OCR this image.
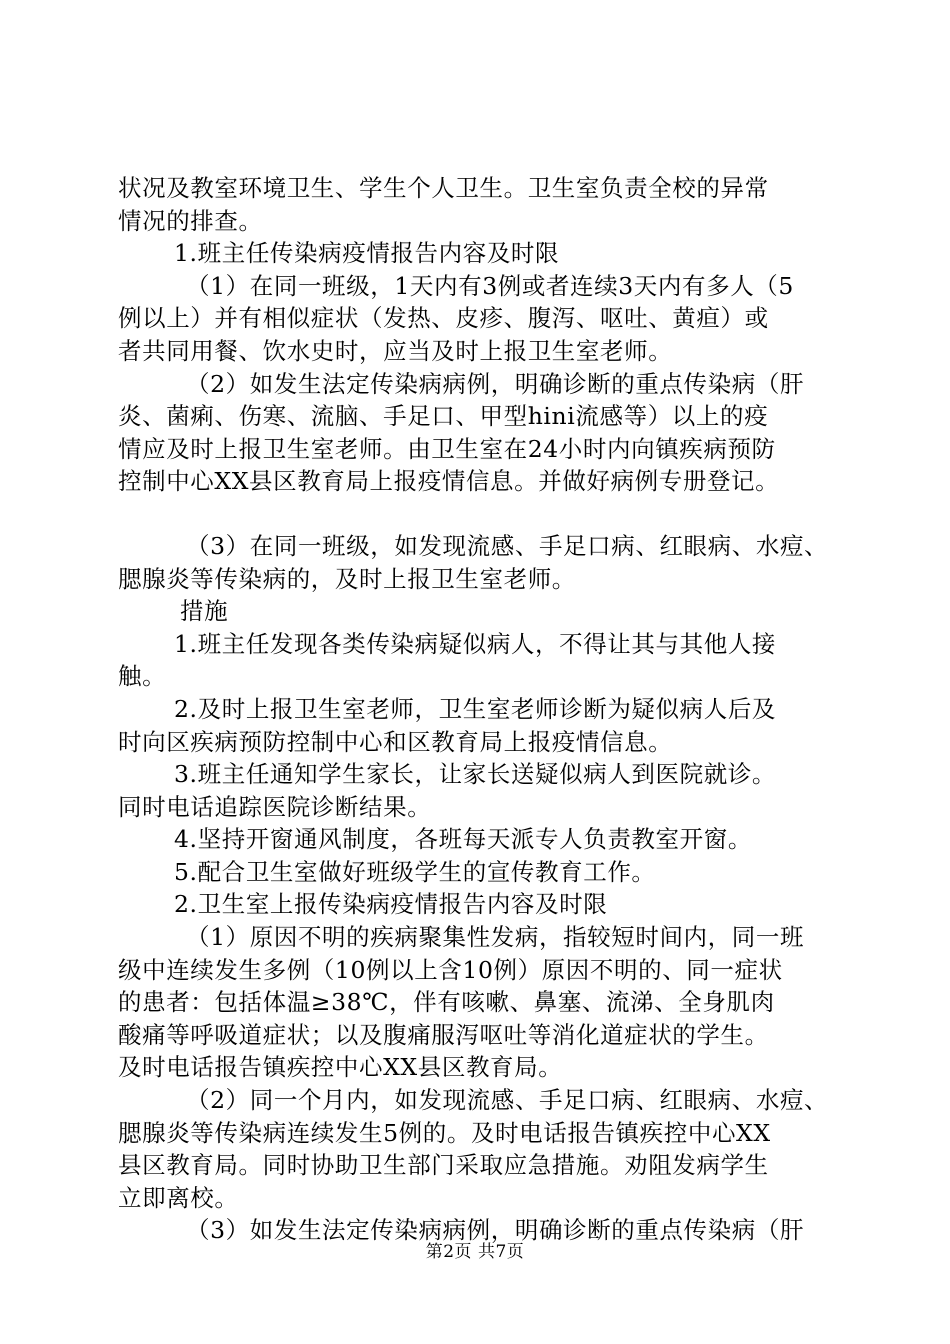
状况及教室环境卫生、学生个人卫生。卫生室负责全校的异常
情况的排查。
1.班主任传染病疫情报告内容及时限
（1）在同一班级，1天内有3例或者连续3天内有多人（5
例以上）并有相似症状（发热、皮疹、腹泻、呕吐、黄疸）或
者共同用餐、饮水史时，应当及时上报卫生室老师。
（2）如发生法定传染病病例，明确诊断的重点传染病（肝
炎、菌痢、伤寒、流脑、手足口、甲型hini流感等）以上的疫
情应及时上报卫生室老师。由卫生室在24小时内向镇疾病预防
控制中心XX县区教育局上报疫情信息。并做好病例专册登记。
（3）在同一班级，如发现流感、手足口病、红眼病、水痘、
腮腺炎等传染病的，及时上报卫生室老师。
措施
1.班主任发现各类传染病疑似病人，不得让其与其他人接
触。
2.及时上报卫生室老师，卫生室老师诊断为疑似病人后及
时向区疾病预防控制中心和区教育局上报疫情信息。
3.班主任通知学生家长，让家长送疑似病人到医院就诊。
同时电话追踪医院诊断结果。
4.坚持开窗通风制度，各班每天派专人负责教室开窗。
5.配合卫生室做好班级学生的宣传教育工作。
2.卫生室上报传染病疫情报告内容及时限
（1）原因不明的疾病聚集性发病，指较短时间内，同一班
级中连续发生多例（10例以上含10例）原因不明的、同一症状
的患者：包括体温≥38℃，伴有咳嗽、鼻塞、流涕、全身肌肉
酸痛等呼吸道症状；以及腹痛服泻呕吐等消化道症状的学生。
及时电话报告镇疾控中心XX县区教育局。
（2）同一个月内，如发现流感、手足口病、红眼病、水痘、
腮腺炎等传染病连续发生5例的。及时电话报告镇疾控中心XX
县区教育局。同时协助卫生部门采取应急措施。劝阻发病学生
立即离校。
（3）如发生法定传染病病例，明确诊断的重点传染病（肝
第2页 共7页
